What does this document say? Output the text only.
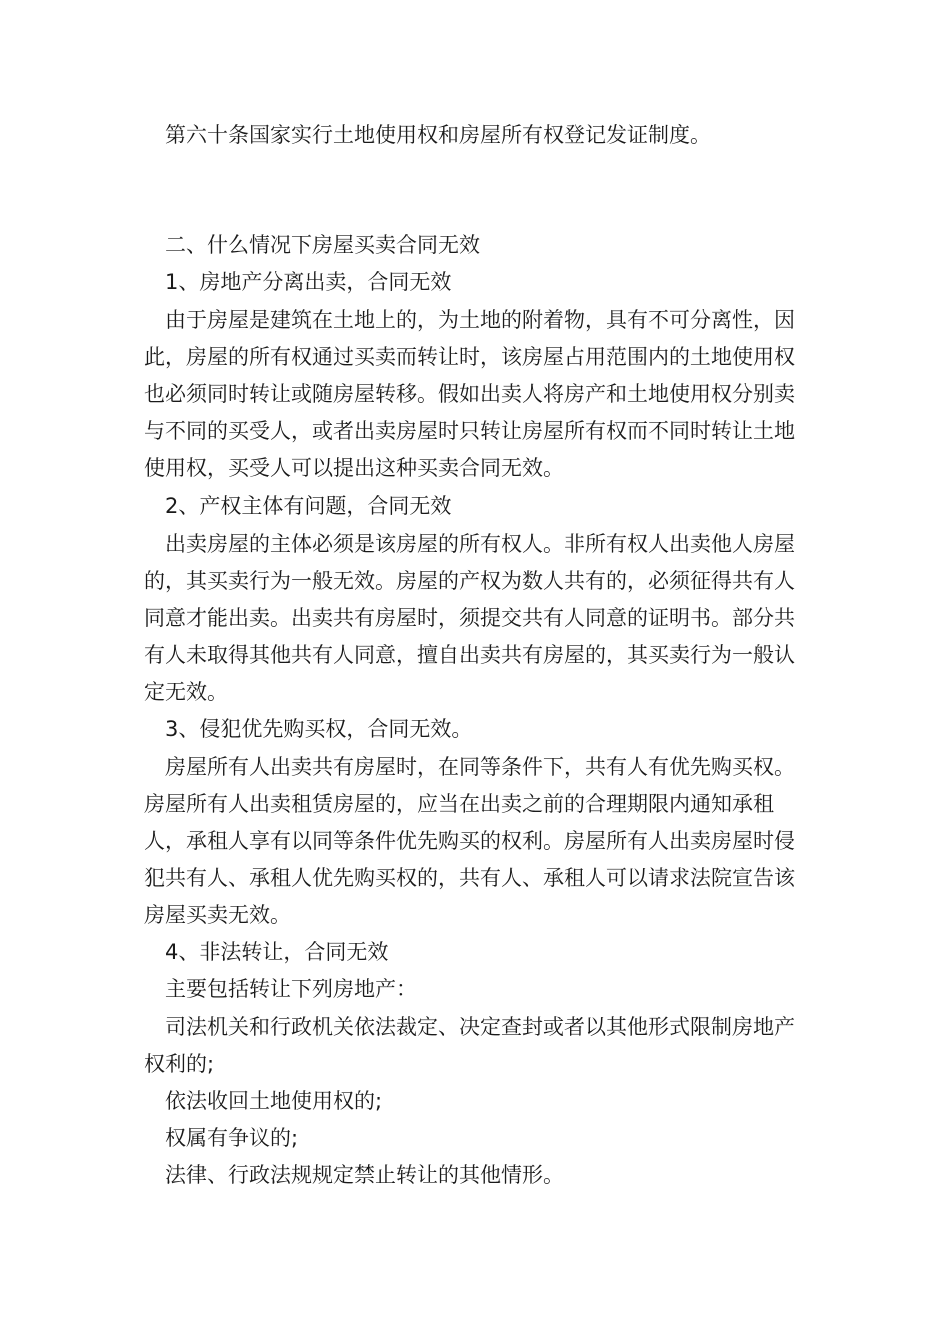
第六十条国家实行土地使用权和房屋所有权登记发证制度。

二、什么情况下房屋买卖合同无效

1、房地产分离出卖，合同无效

由于房屋是建筑在土地上的，为土地的附着物，具有不可分离性，因此，房屋的所有权通过买卖而转让时，该房屋占用范围内的土地使用权也必须同时转让或随房屋转移。假如出卖人将房产和土地使用权分别卖与不同的买受人，或者出卖房屋时只转让房屋所有权而不同时转让土地使用权，买受人可以提出这种买卖合同无效。

2、产权主体有问题，合同无效

出卖房屋的主体必须是该房屋的所有权人。非所有权人出卖他人房屋的，其买卖行为一般无效。房屋的产权为数人共有的，必须征得共有人同意才能出卖。出卖共有房屋时，须提交共有人同意的证明书。部分共有人未取得其他共有人同意，擅自出卖共有房屋的，其买卖行为一般认定无效。

3、侵犯优先购买权，合同无效。

房屋所有人出卖共有房屋时，在同等条件下，共有人有优先购买权。房屋所有人出卖租赁房屋的，应当在出卖之前的合理期限内通知承租人，承租人享有以同等条件优先购买的权利。房屋所有人出卖房屋时侵犯共有人、承租人优先购买权的，共有人、承租人可以请求法院宣告该房屋买卖无效。

4、非法转让，合同无效

主要包括转让下列房地产：

司法机关和行政机关依法裁定、决定查封或者以其他形式限制房地产权利的;

依法收回土地使用权的;

权属有争议的;

法律、行政法规规定禁止转让的其他情形。
